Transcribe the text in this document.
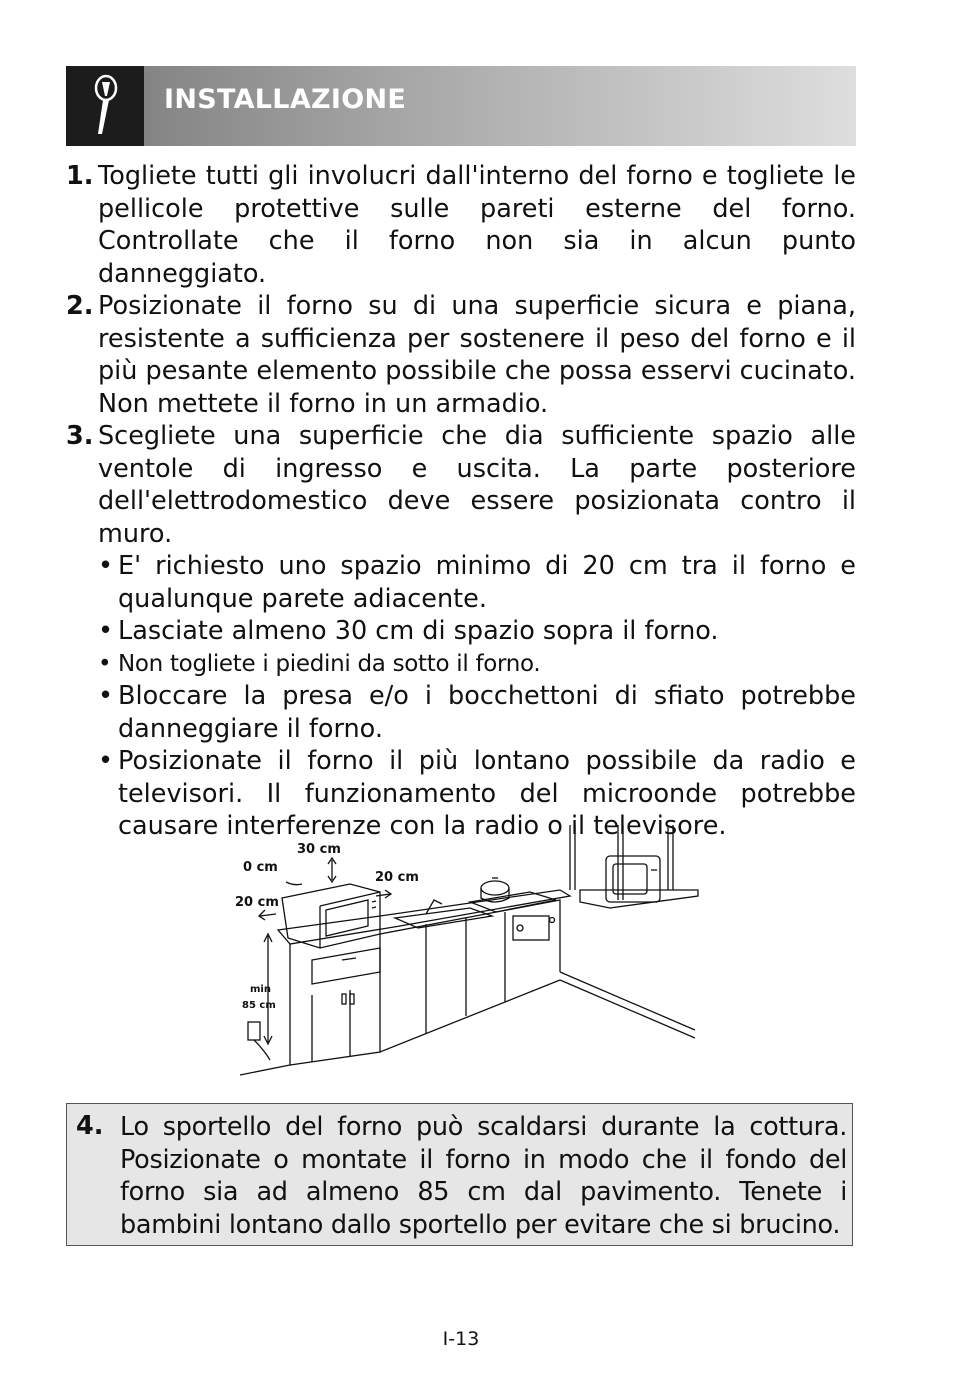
INSTALLAZIONE
1. Togliete tutti gli involucri dall'interno del forno e togliete le pellicole protettive sulle pareti esterne del forno. Controllate che il forno non sia in alcun punto danneggiato.
2. Posizionate il forno su di una superficie sicura e piana, resistente a sufficienza per sostenere il peso del forno e il più pesante elemento possibile che possa esservi cucinato. Non mettete il forno in un armadio.
3. Scegliete una superficie che dia sufficiente spazio alle ventole di ingresso e uscita. La parte posteriore dell'elettrodomestico deve essere posizionata contro il muro.
• E' richiesto uno spazio minimo di 20 cm tra il forno e qualunque parete adiacente.
• Lasciate almeno 30 cm di spazio sopra il forno.
• Non togliete i piedini da sotto il forno.
• Bloccare la presa e/o i bocchettoni di sfiato potrebbe danneggiare il forno.
• Posizionate il forno il più lontano possibile da radio e televisori. Il funzionamento del microonde potrebbe causare interferenze con la radio o il televisore.
30 cm
0 cm
20 cm
20 cm
min
85 cm
4. Lo sportello del forno può scaldarsi durante la cottura. Posizionate o montate il forno in modo che il fondo del forno sia ad almeno 85 cm dal pavimento. Tenete i bambini lontano dallo sportello per evitare che si brucino.
I-13
